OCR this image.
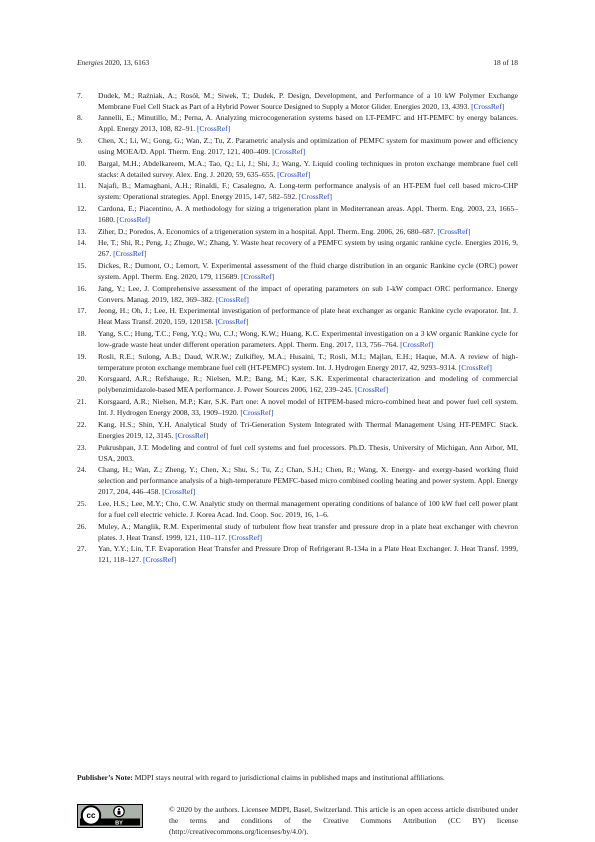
Energies 2020, 13, 6163	18 of 18
7. Dudek, M.; Raźniak, A.; Rosół, M.; Siwek, T.; Dudek, P. Design, Development, and Performance of a 10 kW Polymer Exchange Membrane Fuel Cell Stack as Part of a Hybrid Power Source Designed to Supply a Motor Glider. Energies 2020, 13, 4393. [CrossRef]
8. Jannelli, E.; Minutillo, M.; Perna, A. Analyzing microcogeneration systems based on LT-PEMFC and HT-PEMFC by energy balances. Appl. Energy 2013, 108, 82–91. [CrossRef]
9. Chen, X.; Li, W.; Gong, G.; Wan, Z.; Tu, Z. Parametric analysis and optimization of PEMFC system for maximum power and efficiency using MOEA/D. Appl. Therm. Eng. 2017, 121, 400–409. [CrossRef]
10. Bargal, M.H.; Abdelkareem, M.A.; Tao, Q.; Li, J.; Shi, J.; Wang, Y. Liquid cooling techniques in proton exchange membrane fuel cell stacks: A detailed survey. Alex. Eng. J. 2020, 59, 635–655. [CrossRef]
11. Najafi, B.; Mamaghani, A.H.; Rinaldi, F.; Casalegno, A. Long-term performance analysis of an HT-PEM fuel cell based micro-CHP system: Operational strategies. Appl. Energy 2015, 147, 582–592. [CrossRef]
12. Cardona, E.; Piacentino, A. A methodology for sizing a trigeneration plant in Mediterranean areas. Appl. Therm. Eng. 2003, 23, 1665–1680. [CrossRef]
13. Ziher, D.; Poredos, A. Economics of a trigeneration system in a hospital. Appl. Therm. Eng. 2006, 26, 680–687. [CrossRef]
14. He, T.; Shi, R.; Peng, J.; Zhuge, W.; Zhang, Y. Waste heat recovery of a PEMFC system by using organic rankine cycle. Energies 2016, 9, 267. [CrossRef]
15. Dickes, R.; Dumont, O.; Lemort, V. Experimental assessment of the fluid charge distribution in an organic Rankine cycle (ORC) power system. Appl. Therm. Eng. 2020, 179, 115689. [CrossRef]
16. Jang, Y.; Lee, J. Comprehensive assessment of the impact of operating parameters on sub 1-kW compact ORC performance. Energy Convers. Manag. 2019, 182, 369–382. [CrossRef]
17. Jeong, H.; Oh, J.; Lee, H. Experimental investigation of performance of plate heat exchanger as organic Rankine cycle evaporator. Int. J. Heat Mass Transf. 2020, 159, 120158. [CrossRef]
18. Yang, S.C.; Hung, T.C.; Feng, Y.Q.; Wu, C.J.; Wong, K.W.; Huang, K.C. Experimental investigation on a 3 kW organic Rankine cycle for low-grade waste heat under different operation parameters. Appl. Therm. Eng. 2017, 113, 756–764. [CrossRef]
19. Rosli, R.E.; Sulong, A.B.; Daud, W.R.W.; Zulkifley, M.A.; Husaini, T.; Rosli, M.I.; Majlan, E.H.; Haque, M.A. A review of high-temperature proton exchange membrane fuel cell (HT-PEMFC) system. Int. J. Hydrogen Energy 2017, 42, 9293–9314. [CrossRef]
20. Korsgaard, A.R.; Refshauge, R.; Nielsen, M.P.; Bang, M.; Kær, S.K. Experimental characterization and modeling of commercial polybenzimidazole-based MEA performance. J. Power Sources 2006, 162, 239–245. [CrossRef]
21. Korsgaard, A.R.; Nielsen, M.P.; Kær, S.K. Part one: A novel model of HTPEM-based micro-combined heat and power fuel cell system. Int. J. Hydrogen Energy 2008, 33, 1909–1920. [CrossRef]
22. Kang, H.S.; Shin, Y.H. Analytical Study of Tri-Generation System Integrated with Thermal Management Using HT-PEMFC Stack. Energies 2019, 12, 3145. [CrossRef]
23. Pukrushpan, J.T. Modeling and control of fuel cell systems and fuel processors. Ph.D. Thesis, University of Michigan, Ann Arbor, MI, USA, 2003.
24. Chang, H.; Wan, Z.; Zheng, Y.; Chen, X.; Shu, S.; Tu, Z.; Chan, S.H.; Chen, R.; Wang, X. Energy- and exergy-based working fluid selection and performance analysis of a high-temperature PEMFC-based micro combined cooling heating and power system. Appl. Energy 2017, 204, 446–458. [CrossRef]
25. Lee, H.S.; Lee, M.Y.; Cho, C.W. Analytic study on thermal management operating conditions of balance of 100 kW fuel cell power plant for a fuel cell electric vehicle. J. Korea Acad. Ind. Coop. Soc. 2019, 16, 1–6.
26. Muley, A.; Manglik, R.M. Experimental study of turbulent flow heat transfer and pressure drop in a plate heat exchanger with chevron plates. J. Heat Transf. 1999, 121, 110–117. [CrossRef]
27. Yan, Y.Y.; Lin, T.F. Evaporation Heat Transfer and Pressure Drop of Refrigerant R-134a in a Plate Heat Exchanger. J. Heat Transf. 1999, 121, 118–127. [CrossRef]
Publisher’s Note: MDPI stays neutral with regard to jurisdictional claims in published maps and institutional affiliations.
cc
BY
© 2020 by the authors. Licensee MDPI, Basel, Switzerland. This article is an open access article distributed under the terms and conditions of the Creative Commons Attribution (CC BY) license (http://creativecommons.org/licenses/by/4.0/).
